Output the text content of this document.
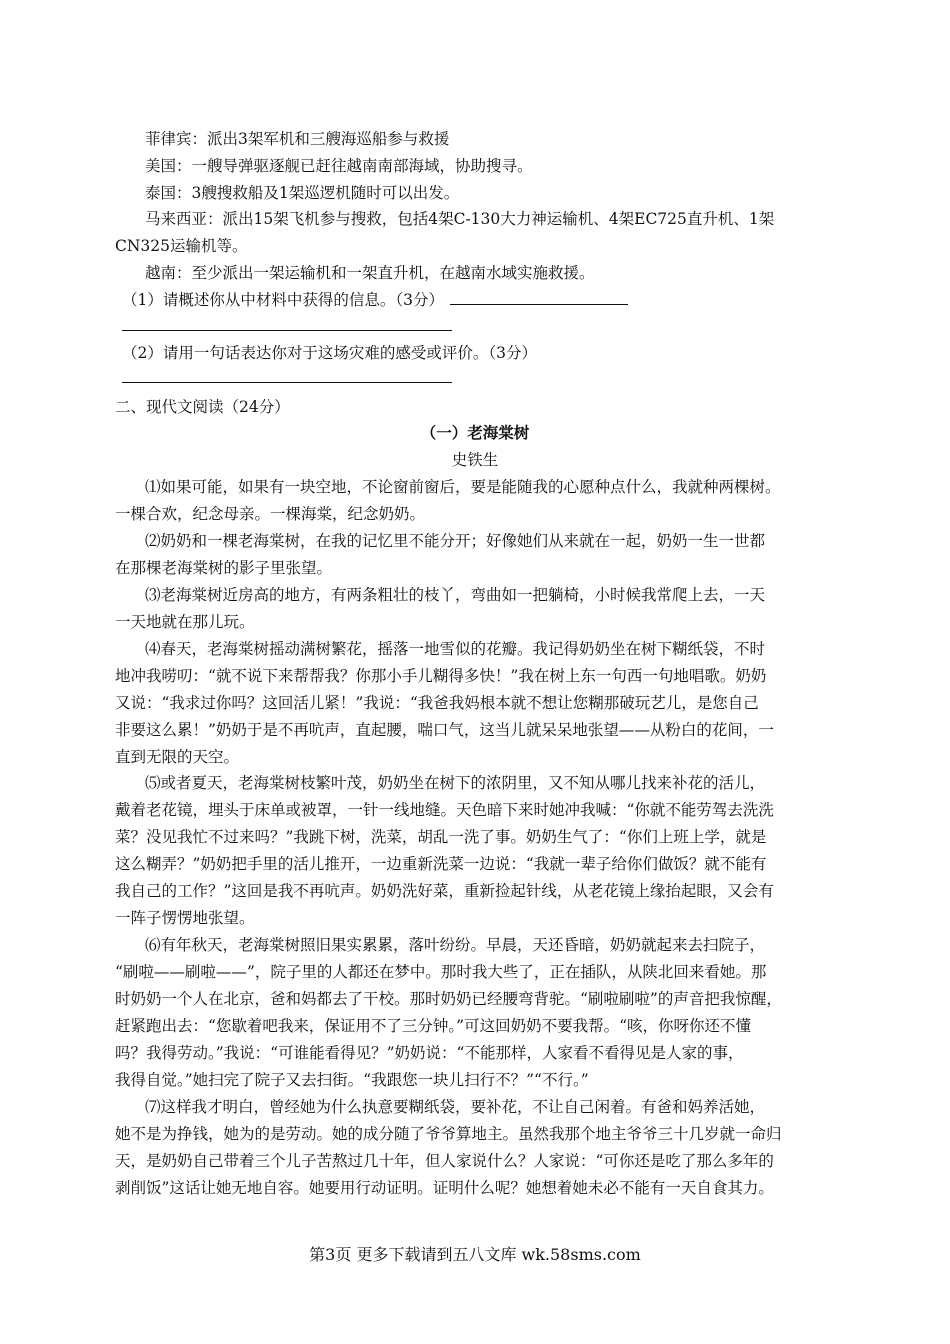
菲律宾：派出3架军机和三艘海巡船参与救援
美国：一艘导弹驱逐舰已赶往越南南部海域，协助搜寻。
泰国：3艘搜救船及1架巡逻机随时可以出发。
马来西亚：派出15架飞机参与搜救，包括4架C-130大力神运输机、4架EC725直升机、1架
CN325运输机等。
越南：至少派出一架运输机和一架直升机，在越南水域实施救援。
（1）请概述你从中材料中获得的信息。（3分）
（2）请用一句话表达你对于这场灾难的感受或评价。（3分）
二、现代文阅读（24分）
（一）老海棠树
史铁生
⑴如果可能，如果有一块空地，不论窗前窗后，要是能随我的心愿种点什么，我就种两棵树。
一棵合欢，纪念母亲。一棵海棠，纪念奶奶。
⑵奶奶和一棵老海棠树，在我的记忆里不能分开；好像她们从来就在一起，奶奶一生一世都
在那棵老海棠树的影子里张望。
⑶老海棠树近房高的地方，有两条粗壮的枝丫，弯曲如一把躺椅，小时候我常爬上去，一天
一天地就在那儿玩。
⑷春天，老海棠树摇动满树繁花，摇落一地雪似的花瓣。我记得奶奶坐在树下糊纸袋，不时
地冲我唠叨：“就不说下来帮帮我？你那小手儿糊得多快！”我在树上东一句西一句地唱歌。奶奶
又说：“我求过你吗？这回活儿紧！”我说：“我爸我妈根本就不想让您糊那破玩艺儿，是您自己
非要这么累！”奶奶于是不再吭声，直起腰，喘口气，这当儿就呆呆地张望——从粉白的花间，一
直到无限的天空。
⑸或者夏天，老海棠树枝繁叶茂，奶奶坐在树下的浓阴里，又不知从哪儿找来补花的活儿，
戴着老花镜，埋头于床单或被罩，一针一线地缝。天色暗下来时她冲我喊：“你就不能劳驾去洗洗
菜？没见我忙不过来吗？”我跳下树，洗菜，胡乱一洗了事。奶奶生气了：“你们上班上学，就是
这么糊弄？”奶奶把手里的活儿推开，一边重新洗菜一边说：“我就一辈子给你们做饭？就不能有
我自己的工作？”这回是我不再吭声。奶奶洗好菜，重新捡起针线，从老花镜上缘抬起眼，又会有
一阵子愣愣地张望。
⑹有年秋天，老海棠树照旧果实累累，落叶纷纷。早晨，天还昏暗，奶奶就起来去扫院子，
“刷啦——刷啦——”，院子里的人都还在梦中。那时我大些了，正在插队，从陕北回来看她。那
时奶奶一个人在北京，爸和妈都去了干校。那时奶奶已经腰弯背驼。“刷啦刷啦”的声音把我惊醒，
赶紧跑出去：“您歇着吧我来，保证用不了三分钟。”可这回奶奶不要我帮。“咳，你呀你还不懂
吗？我得劳动。”我说：“可谁能看得见？”奶奶说：“不能那样，人家看不看得见是人家的事，
我得自觉。”她扫完了院子又去扫街。“我跟您一块儿扫行不？”“不行。”
⑺这样我才明白，曾经她为什么执意要糊纸袋，要补花，不让自己闲着。有爸和妈养活她，
她不是为挣钱，她为的是劳动。她的成分随了爷爷算地主。虽然我那个地主爷爷三十几岁就一命归
天，是奶奶自己带着三个儿子苦熬过几十年，但人家说什么？人家说：“可你还是吃了那么多年的
剥削饭”这话让她无地自容。她要用行动证明。证明什么呢？她想着她未必不能有一天自食其力。
第3页 更多下载请到五八文库 wk.58sms.com
